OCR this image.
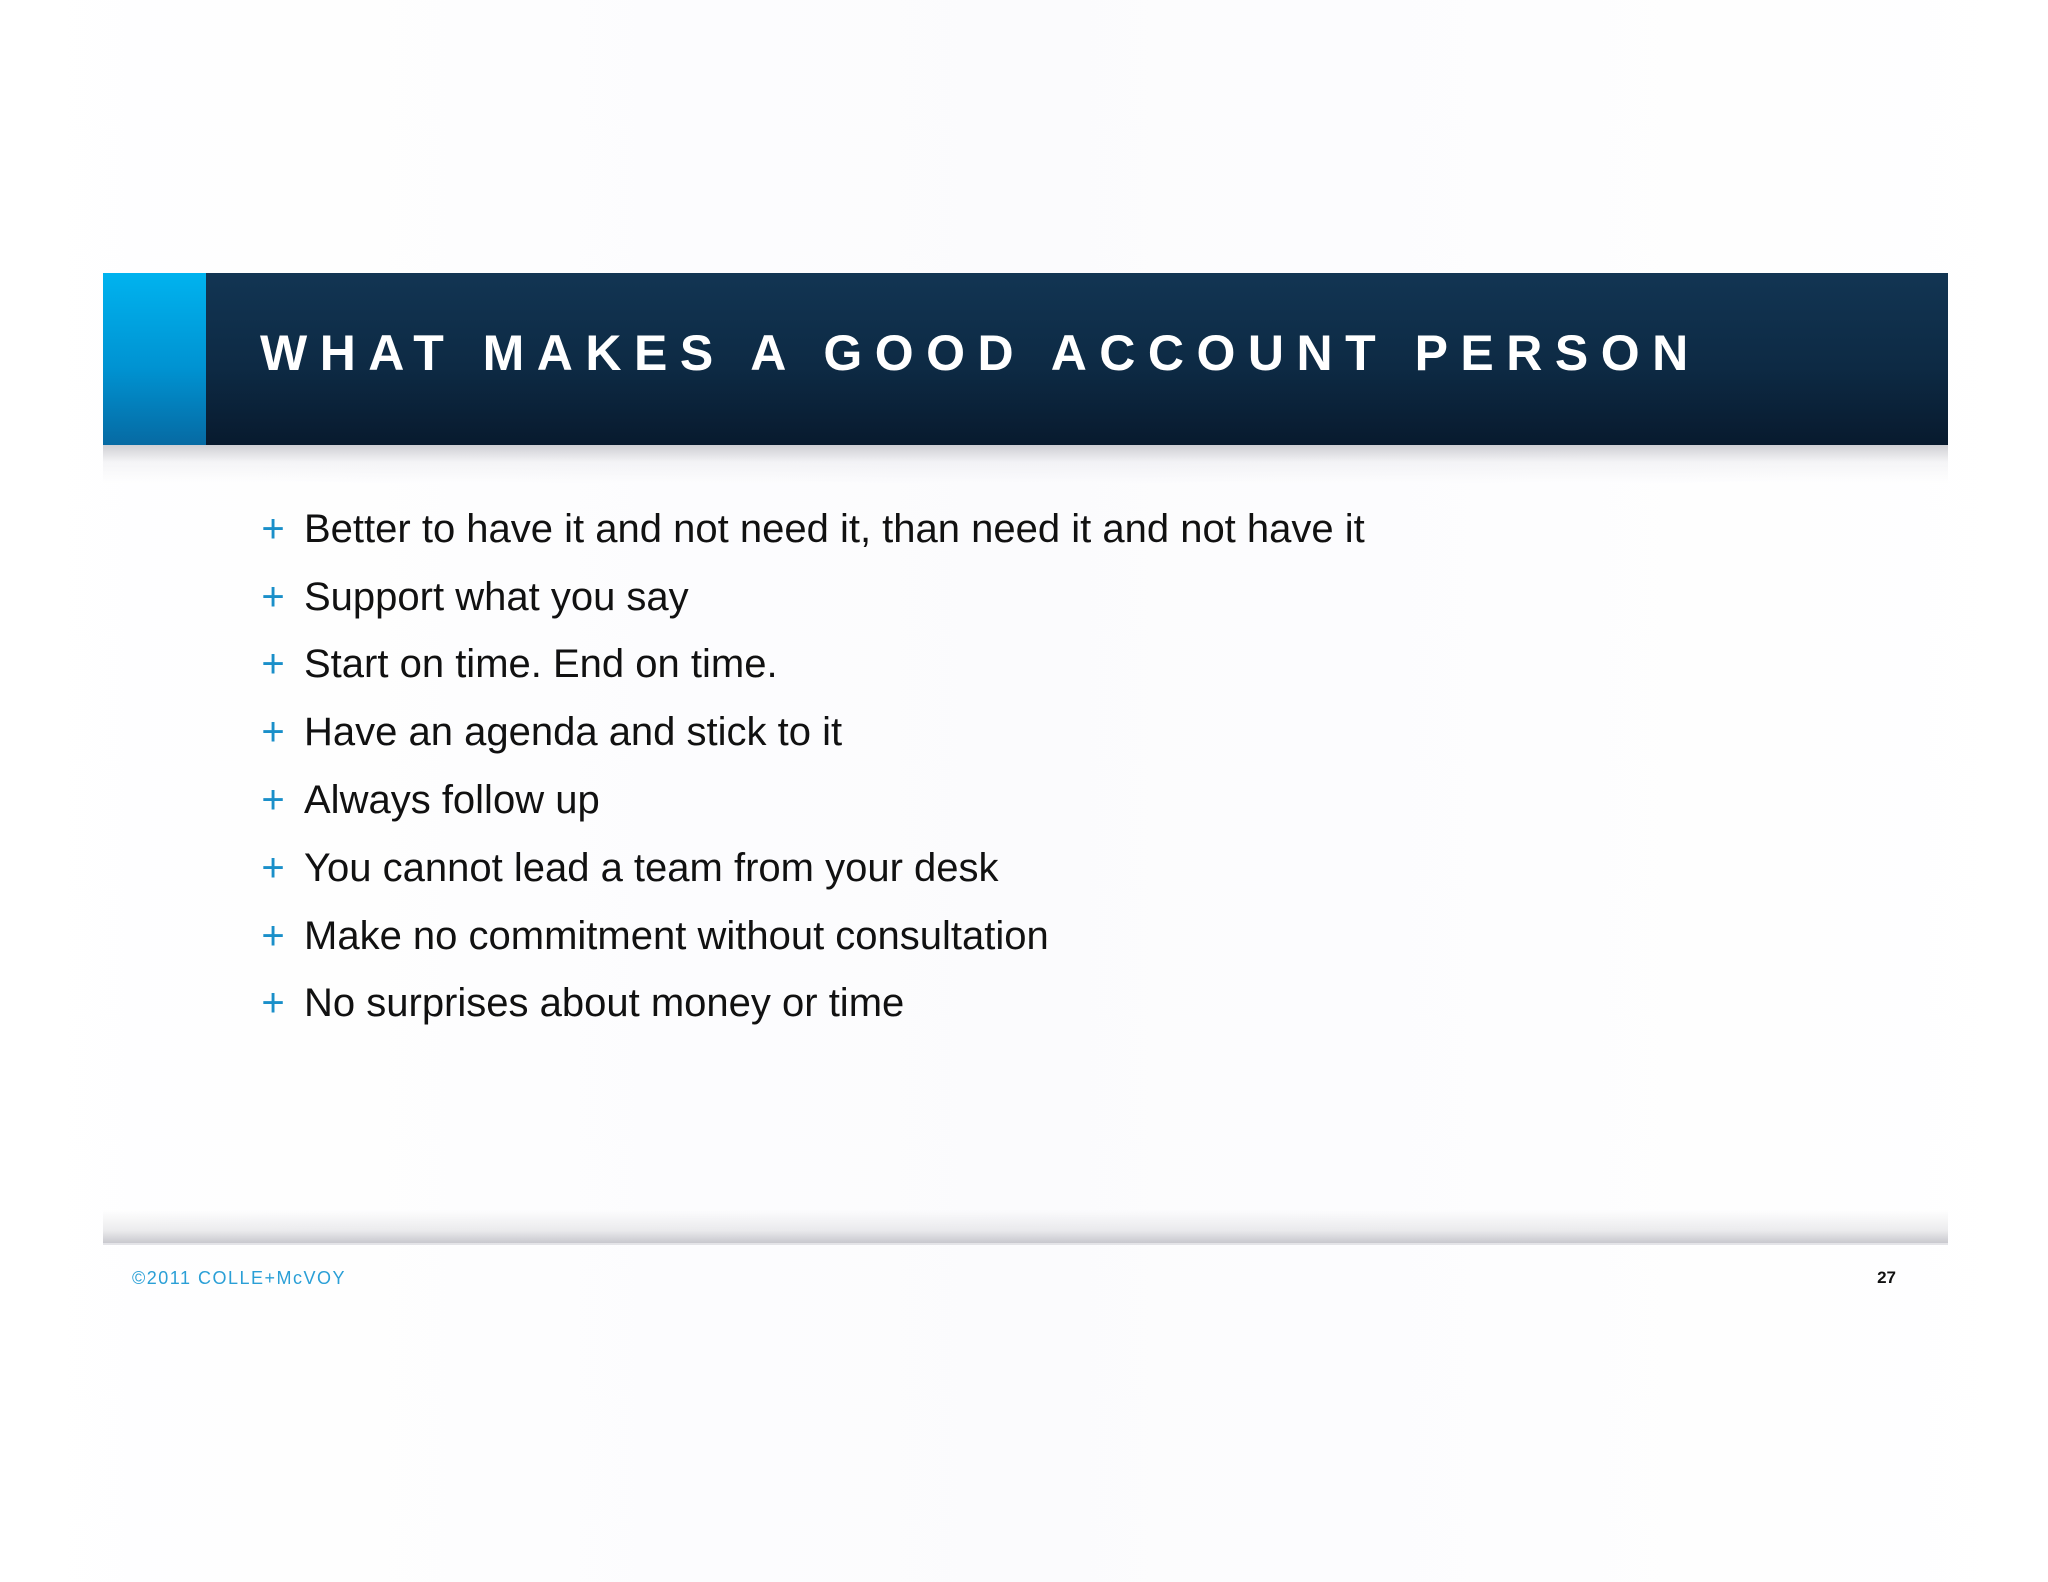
WHAT MAKES A GOOD ACCOUNT PERSON
+ Better to have it and not need it, than need it and not have it
+ Support what you say
+ Start on time. End on time.
+ Have an agenda and stick to it
+ Always follow up
+ You cannot lead a team from your desk
+ Make no commitment without consultation
+ No surprises about money or time
©2011 COLLE+McVOY	27
